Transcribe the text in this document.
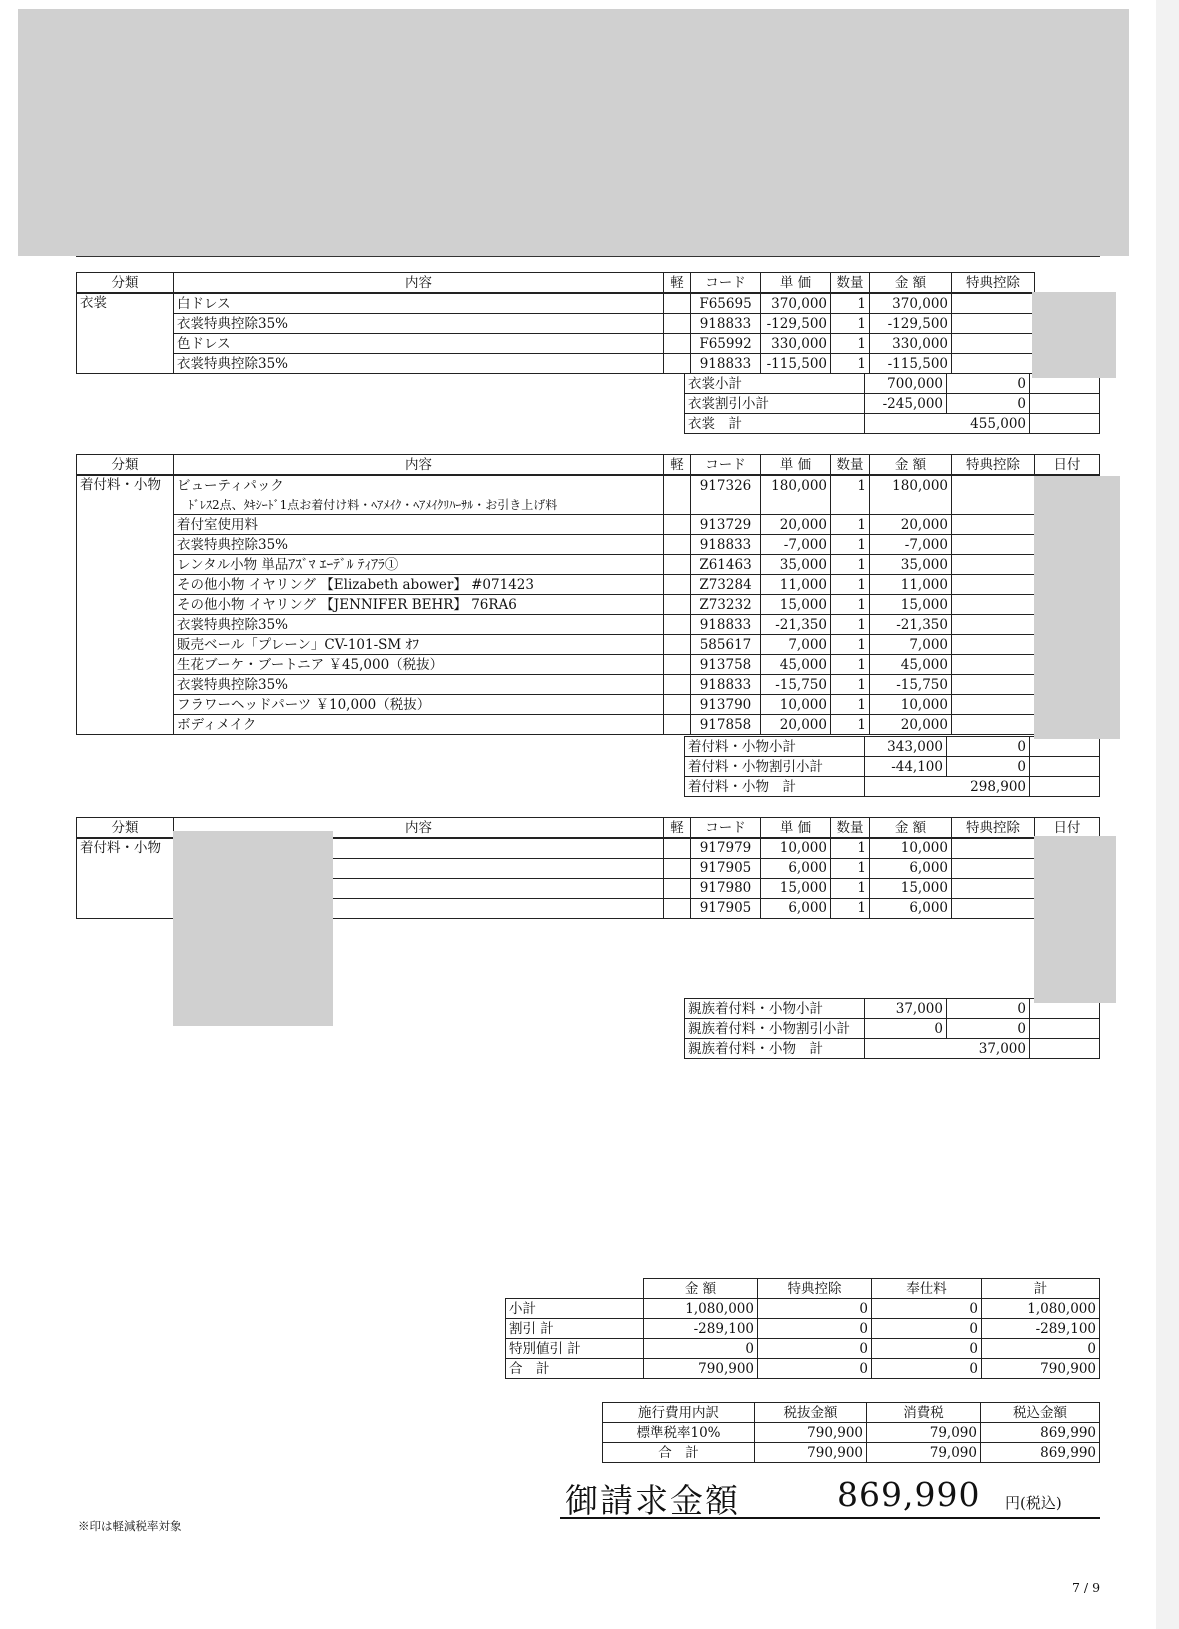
分類	内容	軽	コード	単 価	数量	金 額	特典控除	
衣裳	白ドレス		F65695	370,000	1	370,000		
	衣裳特典控除35%		918833	-129,500	1	-129,500		
	色ドレス		F65992	330,000	1	330,000		
	衣裳特典控除35%		918833	-115,500	1	-115,500		
衣裳小計	700,000	0	
衣裳割引小計	-245,000	0	
衣裳　計	455,000		
分類	内容	軽	コード	単 価	数量	金 額	特典控除	日付
着付料・小物	ビューティパック		917326	180,000	1	180,000		
	ﾄﾞﾚｽ2点、ﾀｷｼｰﾄﾞ1点お着付け料・ﾍｱﾒｲｸ・ﾍｱﾒｲｸﾘﾊｰｻﾙ・お引き上げ料							
	着付室使用料		913729	20,000	1	20,000		
	衣裳特典控除35%		918833	-7,000	1	-7,000		
	レンタル小物 単品ｱｽﾞﾏ ｴｰﾃﾞﾙ ﾃｨｱﾗ①		Z61463	35,000	1	35,000		
	その他小物 イヤリング 【Elizabeth abower】 #071423		Z73284	11,000	1	11,000		
	その他小物 イヤリング 【JENNIFER BEHR】 76RA6		Z73232	15,000	1	15,000		
	衣裳特典控除35%		918833	-21,350	1	-21,350		
	販売ベール「プレーン」CV-101-SM ｵﾌ		585617	7,000	1	7,000		
	生花ブーケ・ブートニア ￥45,000（税抜）		913758	45,000	1	45,000		
	衣裳特典控除35%		918833	-15,750	1	-15,750		
	フラワーヘッドパーツ ￥10,000（税抜）		913790	10,000	1	10,000		
	ボディメイク		917858	20,000	1	20,000		
着付料・小物小計	343,000	0	
着付料・小物割引小計	-44,100	0	
着付料・小物　計	298,900		
分類	内容	軽	コード	単 価	数量	金 額	特典控除	日付
着付料・小物			917979	10,000	1	10,000		
			917905	6,000	1	6,000		
			917980	15,000	1	15,000		
			917905	6,000	1	6,000		
親族着付料・小物小計	37,000	0	
親族着付料・小物割引小計	0	0	
親族着付料・小物　計	37,000		
	金 額	特典控除	奉仕料	計
小計	1,080,000	0	0	1,080,000
割引 計	-289,100	0	0	-289,100
特別値引 計	0	0	0	0
合　計	790,900	0	0	790,900
施行費用内訳	税抜金額	消費税	税込金額
標準税率10%	790,900	79,090	869,990
合　計	790,900	79,090	869,990
御請求金額	869,990 円(税込)
※印は軽減税率対象
7 / 9
